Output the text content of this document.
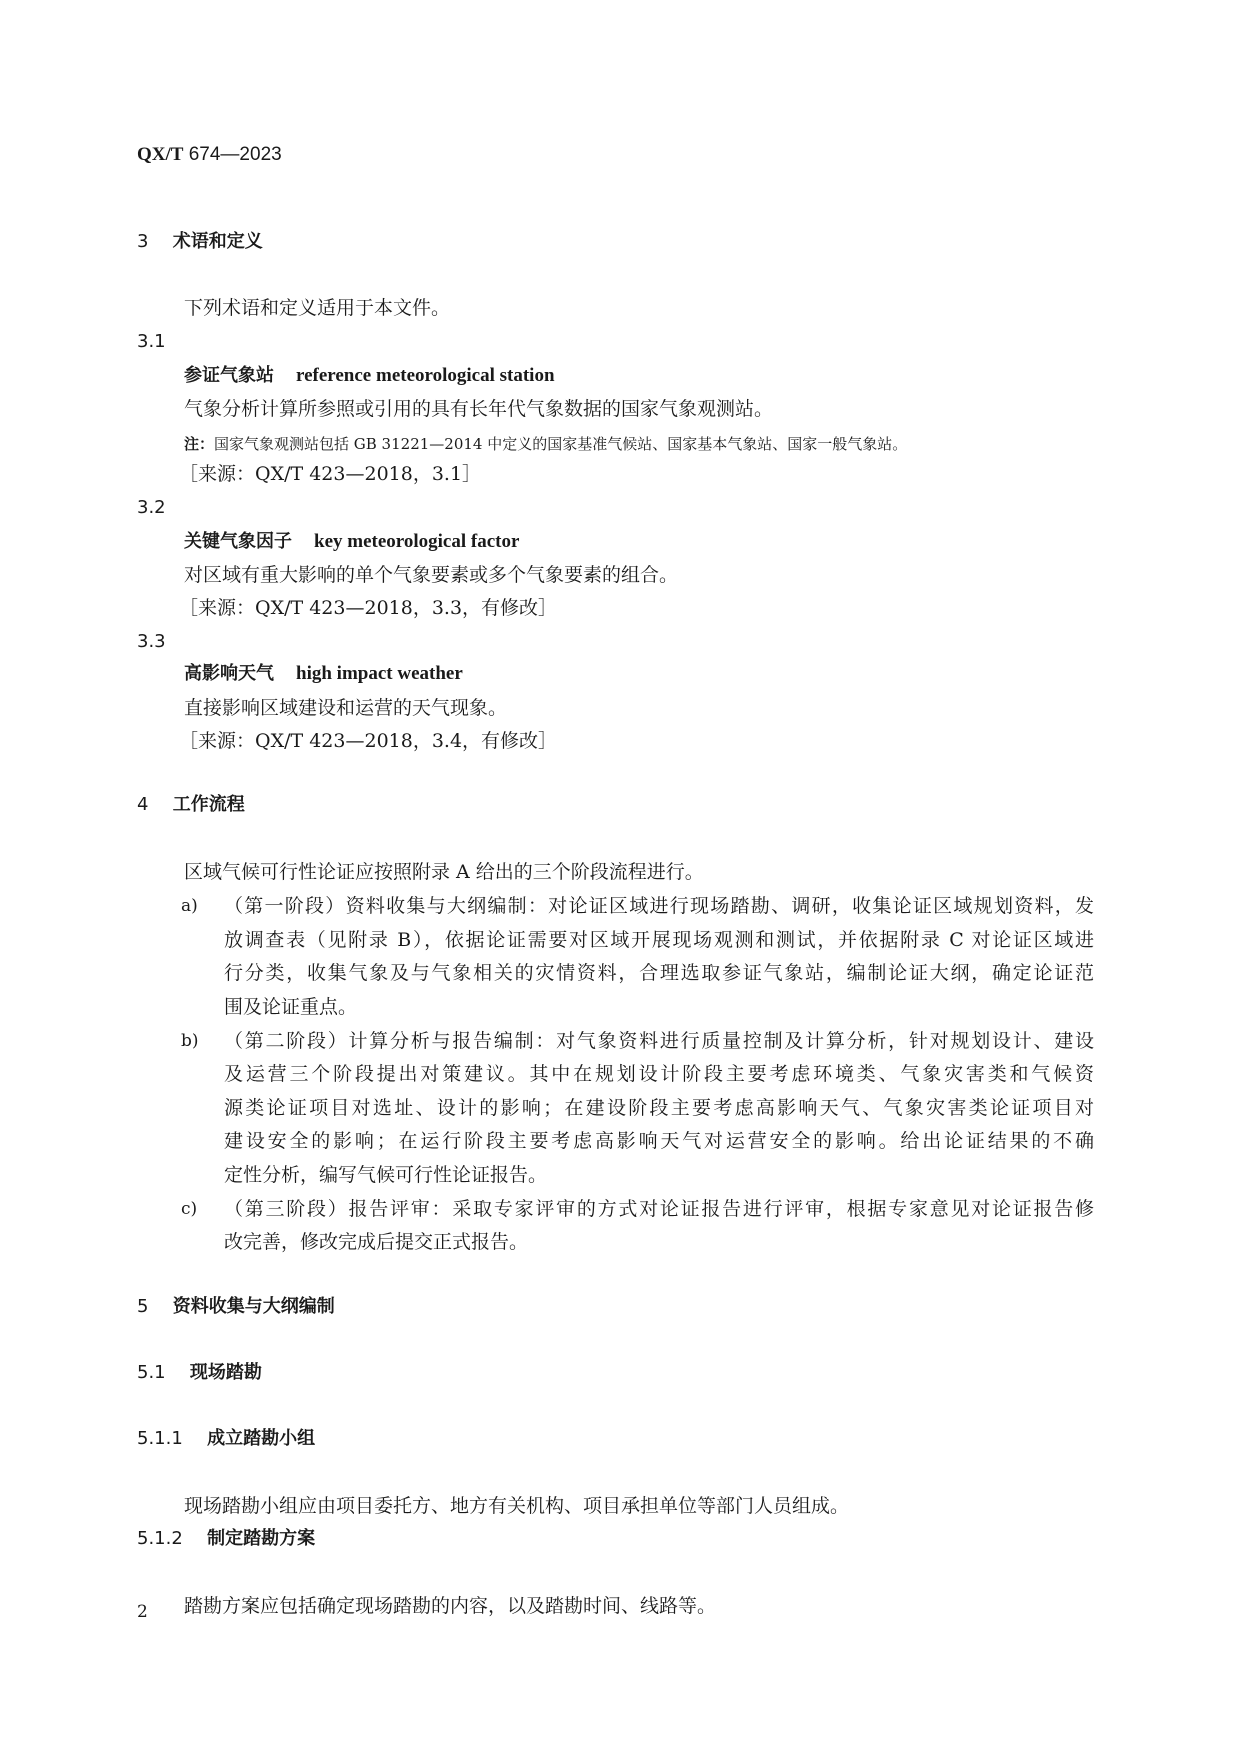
QX/T 674—2023
3 术语和定义
下列术语和定义适用于本文件。
3.1
参证气象站 reference meteorological station
气象分析计算所参照或引用的具有长年代气象数据的国家气象观测站。
注：国家气象观测站包括 GB 31221—2014 中定义的国家基准气候站、国家基本气象站、国家一般气象站。
［来源：QX/T 423—2018，3.1］
3.2
关键气象因子 key meteorological factor
对区域有重大影响的单个气象要素或多个气象要素的组合。
［来源：QX/T 423—2018，3.3，有修改］
3.3
高影响天气 high impact weather
直接影响区域建设和运营的天气现象。
［来源：QX/T 423—2018，3.4，有修改］
4 工作流程
区域气候可行性论证应按照附录 A 给出的三个阶段流程进行。
a) （第一阶段）资料收集与大纲编制：对论证区域进行现场踏勘、调研，收集论证区域规划资料，发
放调查表（见附录 B），依据论证需要对区域开展现场观测和测试，并依据附录 C 对论证区域进
行分类，收集气象及与气象相关的灾情资料，合理选取参证气象站，编制论证大纲，确定论证范
围及论证重点。
b) （第二阶段）计算分析与报告编制：对气象资料进行质量控制及计算分析，针对规划设计、建设
及运营三个阶段提出对策建议。其中在规划设计阶段主要考虑环境类、气象灾害类和气候资
源类论证项目对选址、设计的影响；在建设阶段主要考虑高影响天气、气象灾害类论证项目对
建设安全的影响；在运行阶段主要考虑高影响天气对运营安全的影响。给出论证结果的不确
定性分析，编写气候可行性论证报告。
c) （第三阶段）报告评审：采取专家评审的方式对论证报告进行评审，根据专家意见对论证报告修
改完善，修改完成后提交正式报告。
5 资料收集与大纲编制
5.1 现场踏勘
5.1.1 成立踏勘小组
现场踏勘小组应由项目委托方、地方有关机构、项目承担单位等部门人员组成。
5.1.2 制定踏勘方案
踏勘方案应包括确定现场踏勘的内容，以及踏勘时间、线路等。
2
